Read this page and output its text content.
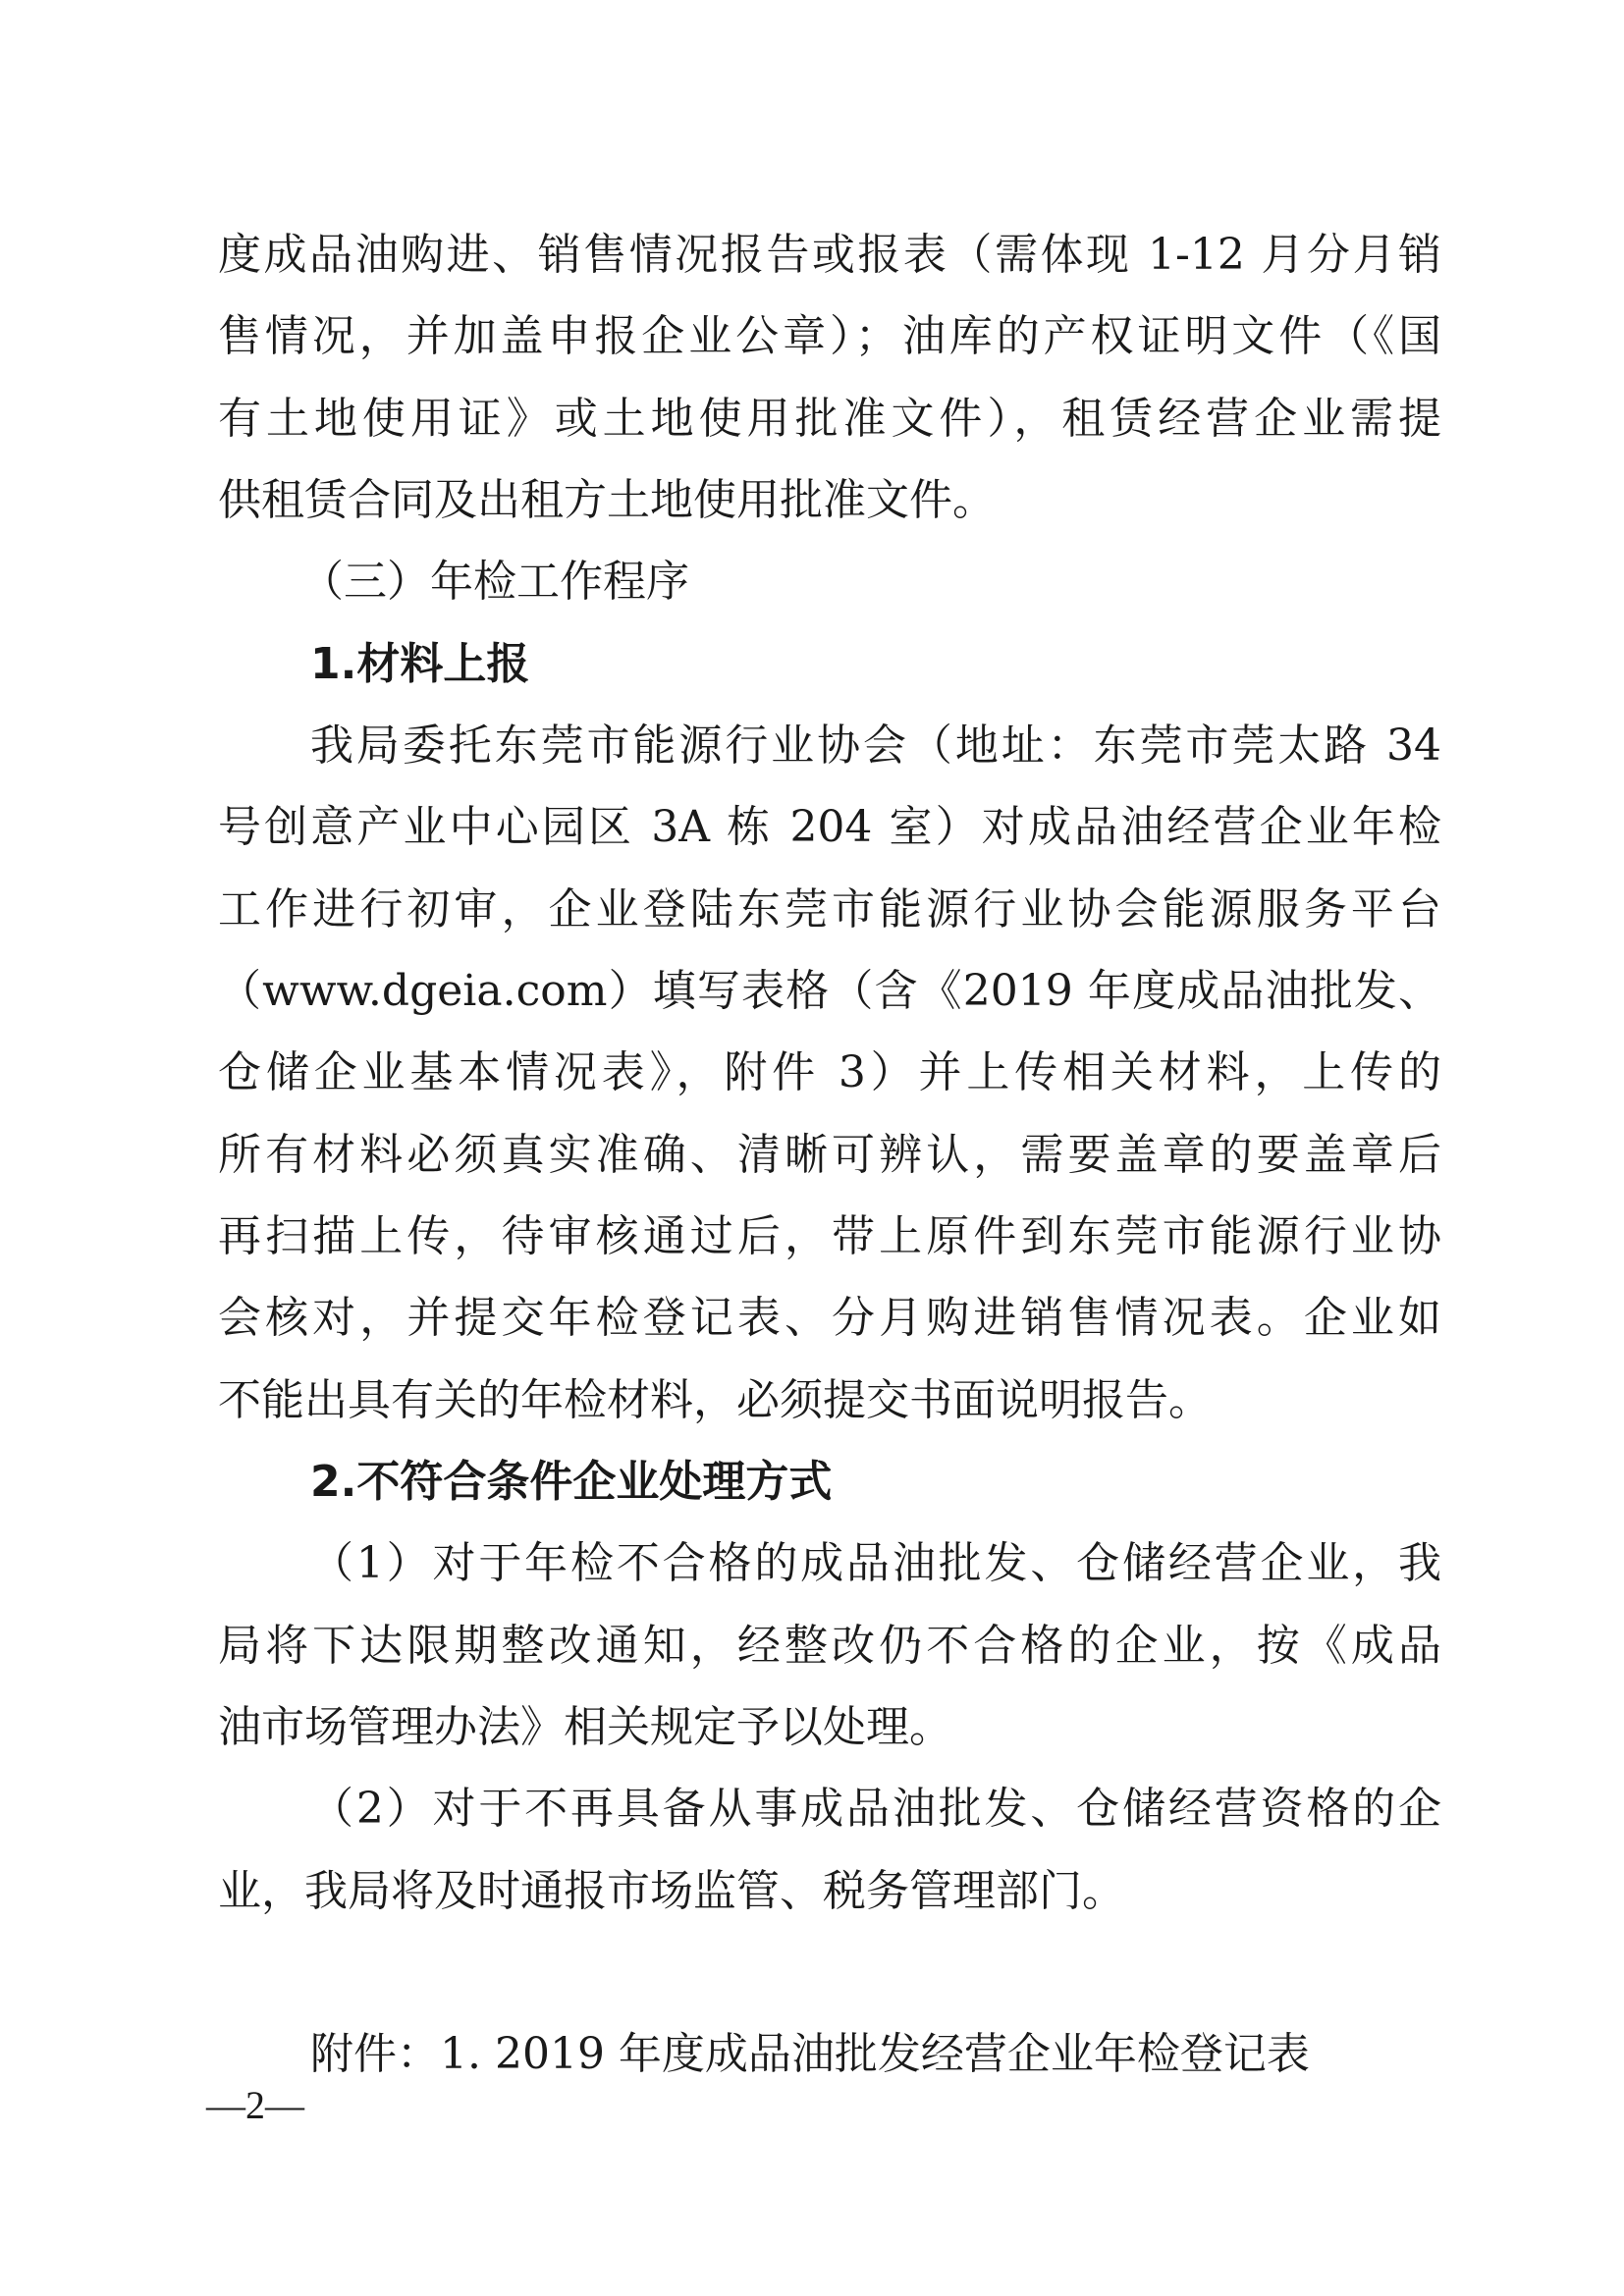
度成品油购进、销售情况报告或报表（需体现 1-12 月分月销
售情况，并加盖申报企业公章）；油库的产权证明文件（《国
有土地使用证》或土地使用批准文件），租赁经营企业需提
供租赁合同及出租方土地使用批准文件。
（三）年检工作程序
1.材料上报
我局委托东莞市能源行业协会（地址：东莞市莞太路 34
号创意产业中心园区 3A 栋 204 室）对成品油经营企业年检
工作进行初审，企业登陆东莞市能源行业协会能源服务平台
（www.dgeia.com）填写表格（含《2019 年度成品油批发、
仓储企业基本情况表》，附件 3）并上传相关材料，上传的
所有材料必须真实准确、清晰可辨认，需要盖章的要盖章后
再扫描上传，待审核通过后，带上原件到东莞市能源行业协
会核对，并提交年检登记表、分月购进销售情况表。企业如
不能出具有关的年检材料，必须提交书面说明报告。
2.不符合条件企业处理方式
（1）对于年检不合格的成品油批发、仓储经营企业，我
局将下达限期整改通知，经整改仍不合格的企业，按《成品
油市场管理办法》相关规定予以处理。
（2）对于不再具备从事成品油批发、仓储经营资格的企
业，我局将及时通报市场监管、税务管理部门。
附件：1. 2019 年度成品油批发经营企业年检登记表
—2—
